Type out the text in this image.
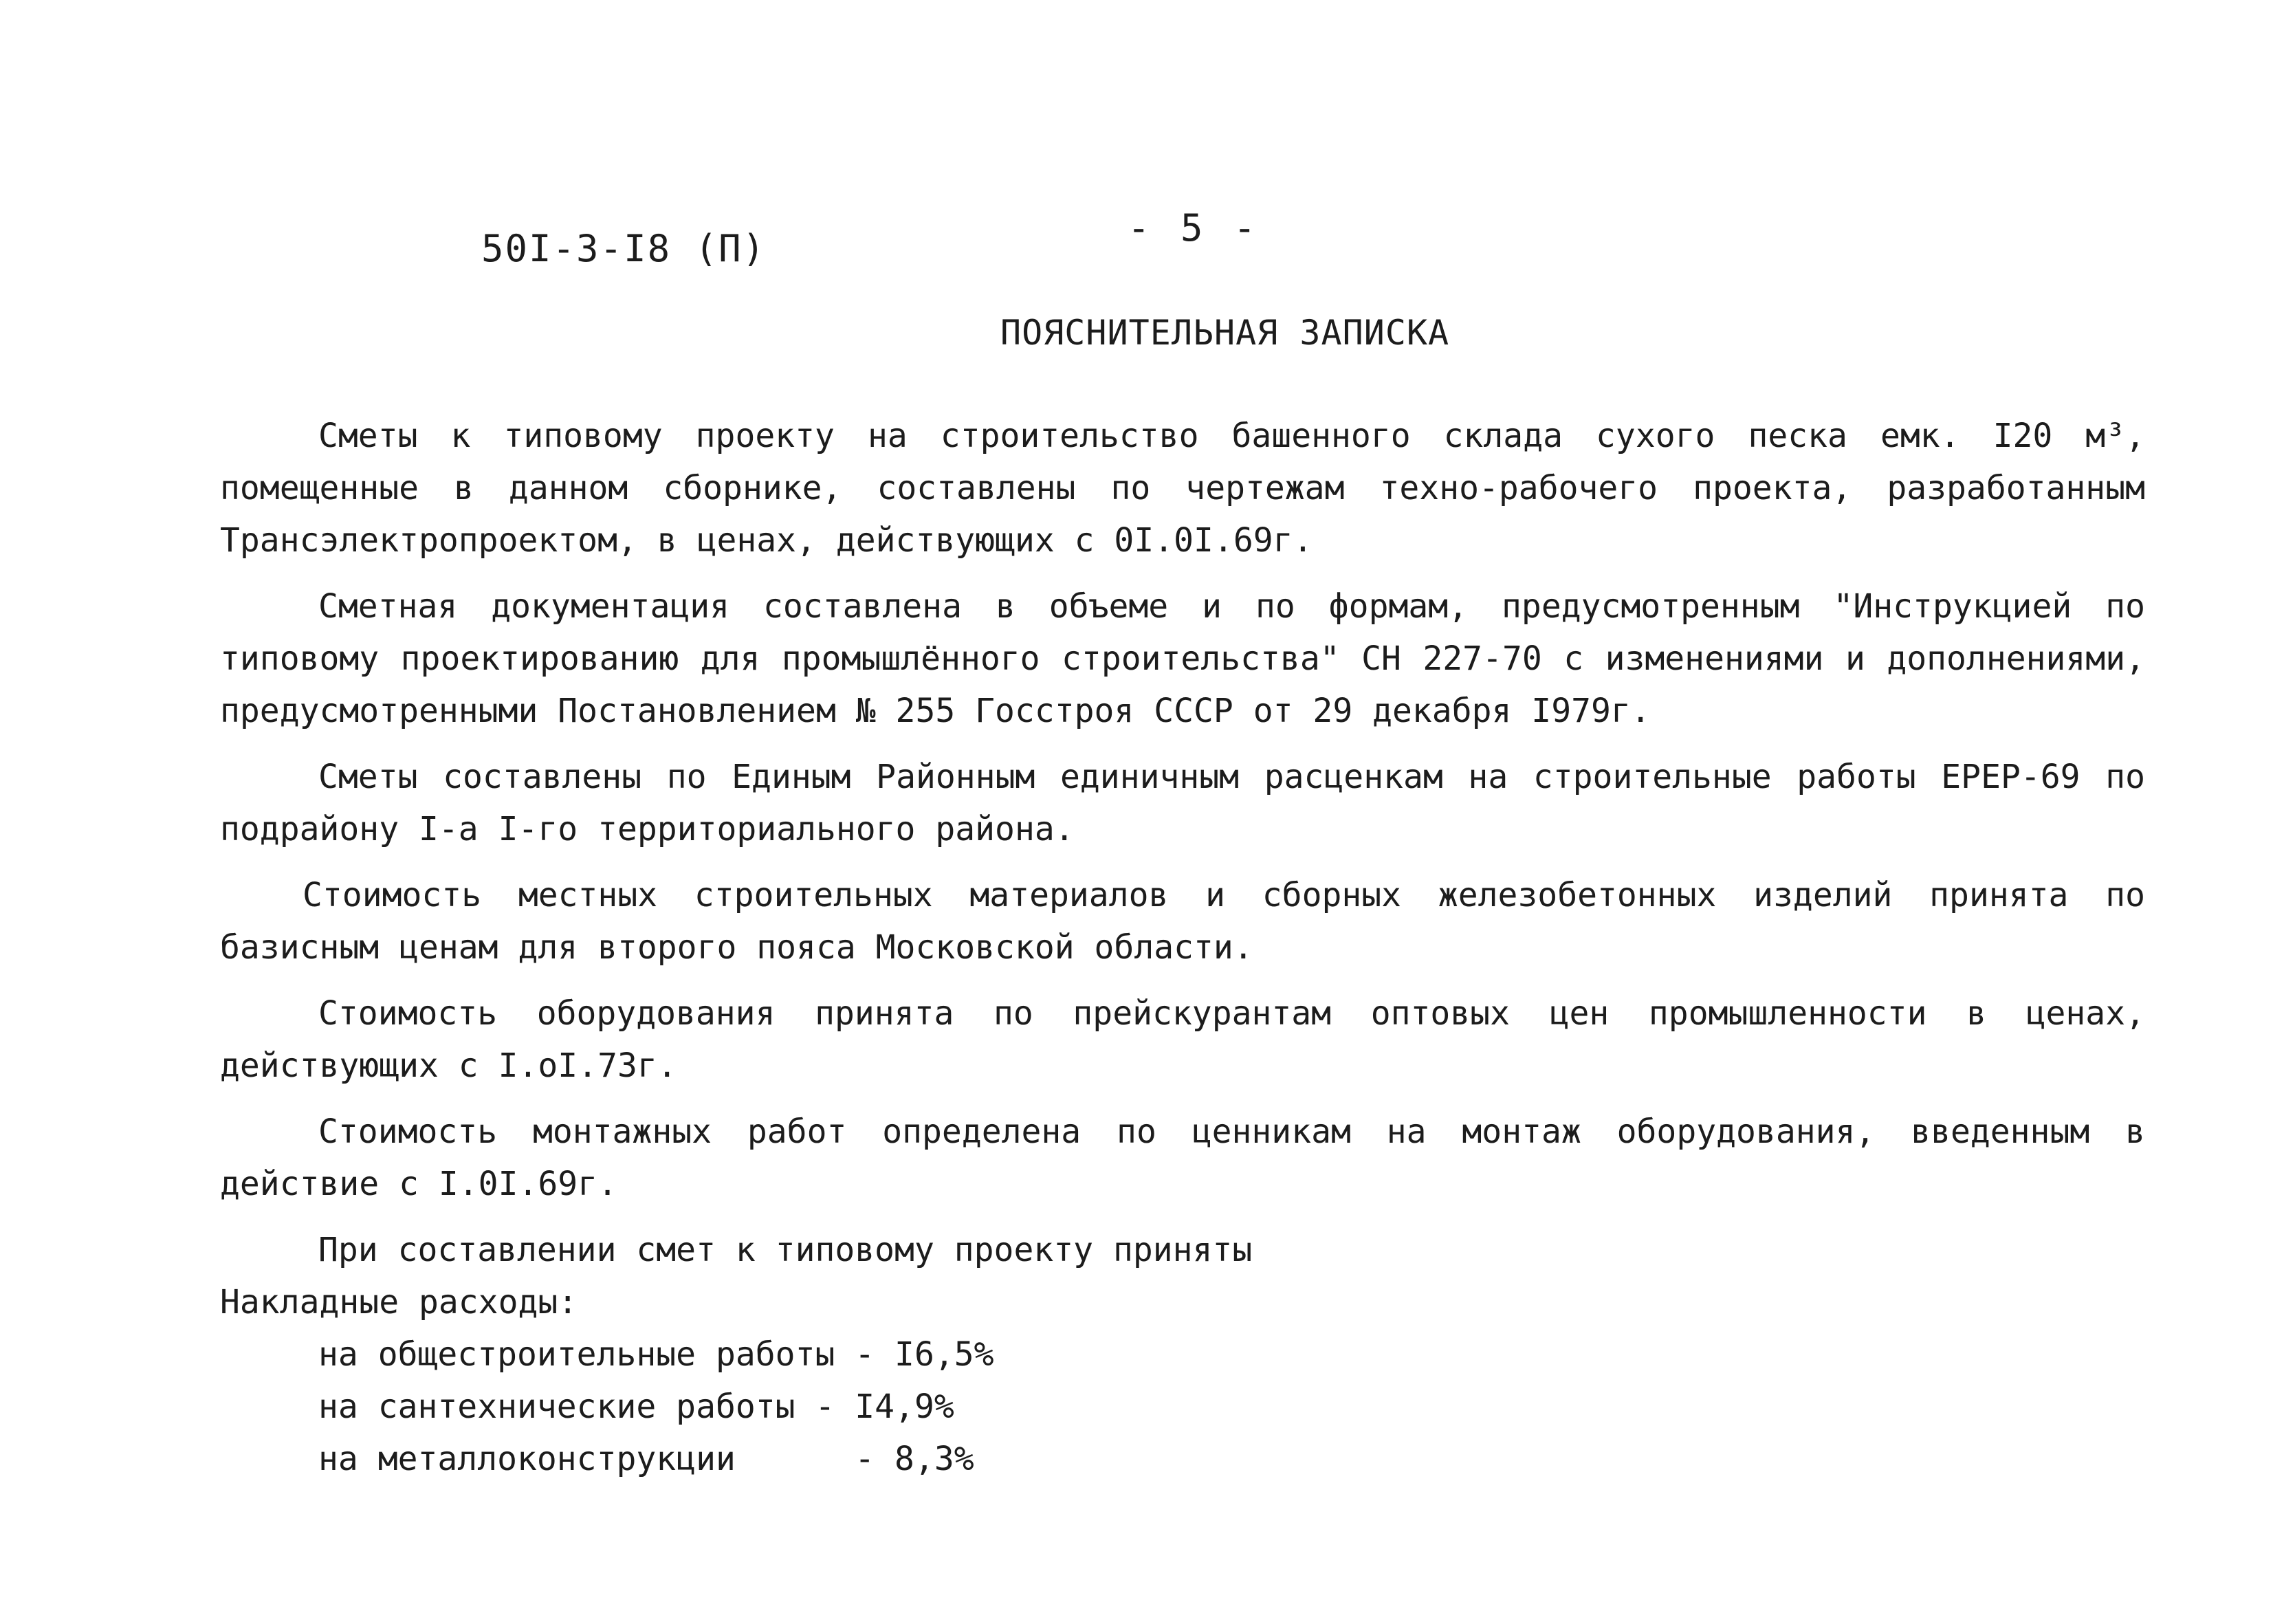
50I-3-I8 (П)	- 5 -
ПОЯСНИТЕЛЬНАЯ ЗАПИСКА

Сметы к типовому проекту на строительство башенного склада сухого песка емк. I20 м³, помещенные в данном сборнике, составлены по чертежам техно-рабочего проекта, разработанным Трансэлектропроектом, в ценах, действующих с 0I.0I.69г.

Сметная документация составлена в объеме и по формам, предусмотренным "Инструкцией по типовому проектированию для промышлённого строительства" СН 227-70 с изменениями и дополнениями, предусмотренными Постановлением № 255 Госстроя СССР от 29 декабря I979г.

Сметы составлены по Единым Районным единичным расценкам на строительные работы ЕРЕР-69 по подрайону I-а I-го территориального района.

Стоимость местных строительных материалов и сборных железобетонных изделий принята по базисным ценам для второго пояса Московской области.

Стоимость оборудования принята по прейскурантам оптовых цен промышленности в ценах, действующих с I.oI.73г.

Стоимость монтажных работ определена по ценникам на монтаж оборудования, введенным в действие с I.0I.69г.

При составлении смет к типовому проекту приняты

Накладные расходы:

на общестроительные работы - I6,5%
на сантехнические работы - I4,9%
на металлоконструкции      - 8,3%
